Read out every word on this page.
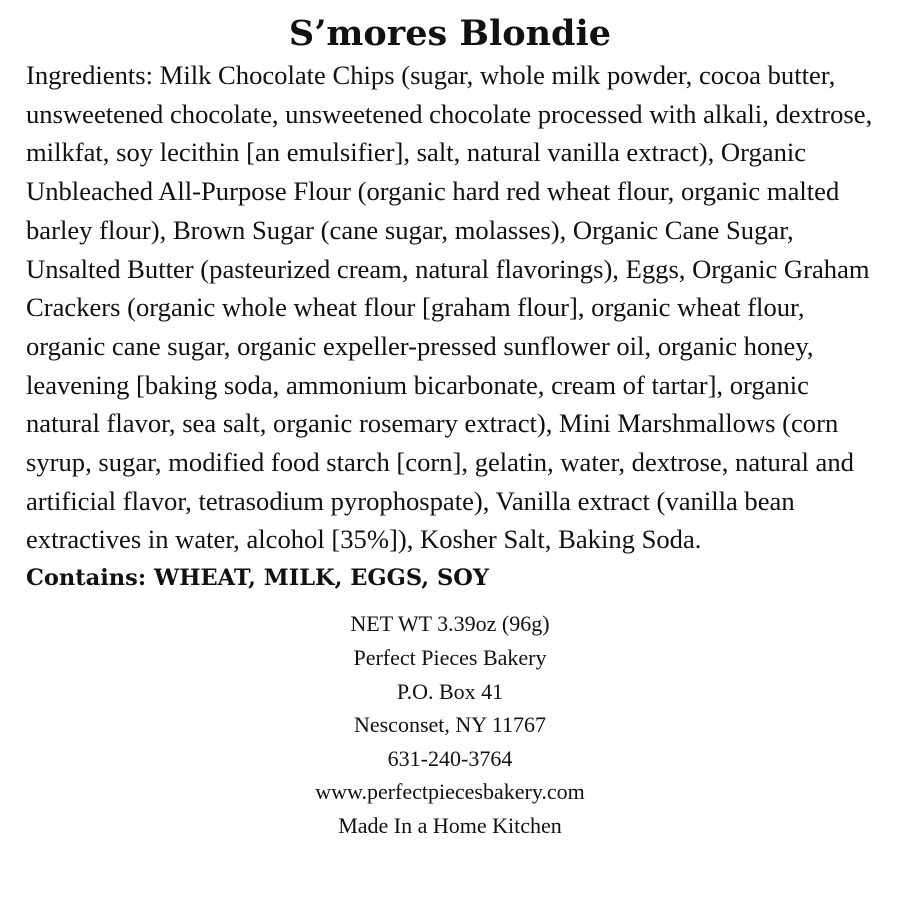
S’mores Blondie

Ingredients: Milk Chocolate Chips (sugar, whole milk powder, cocoa butter, unsweetened chocolate, unsweetened chocolate processed with alkali, dextrose, milkfat, soy lecithin [an emulsifier], salt, natural vanilla extract), Organic Unbleached All-Purpose Flour (organic hard red wheat flour, organic malted barley flour), Brown Sugar (cane sugar, molasses), Organic Cane Sugar, Unsalted Butter (pasteurized cream, natural flavorings), Eggs, Organic Graham Crackers (organic whole wheat flour [graham flour], organic wheat flour, organic cane sugar, organic expeller-pressed sunflower oil, organic honey, leavening [baking soda, ammonium bicarbonate, cream of tartar], organic natural flavor, sea salt, organic rosemary extract), Mini Marshmallows (corn syrup, sugar, modified food starch [corn], gelatin, water, dextrose, natural and artificial flavor, tetrasodium pyrophospate), Vanilla extract (vanilla bean extractives in water, alcohol [35%]), Kosher Salt, Baking Soda.

Contains: WHEAT, MILK, EGGS, SOY

NET WT 3.39oz (96g)
Perfect Pieces Bakery
P.O. Box 41
Nesconset, NY 11767
631-240-3764
www.perfectpiecesbakery.com
Made In a Home Kitchen
